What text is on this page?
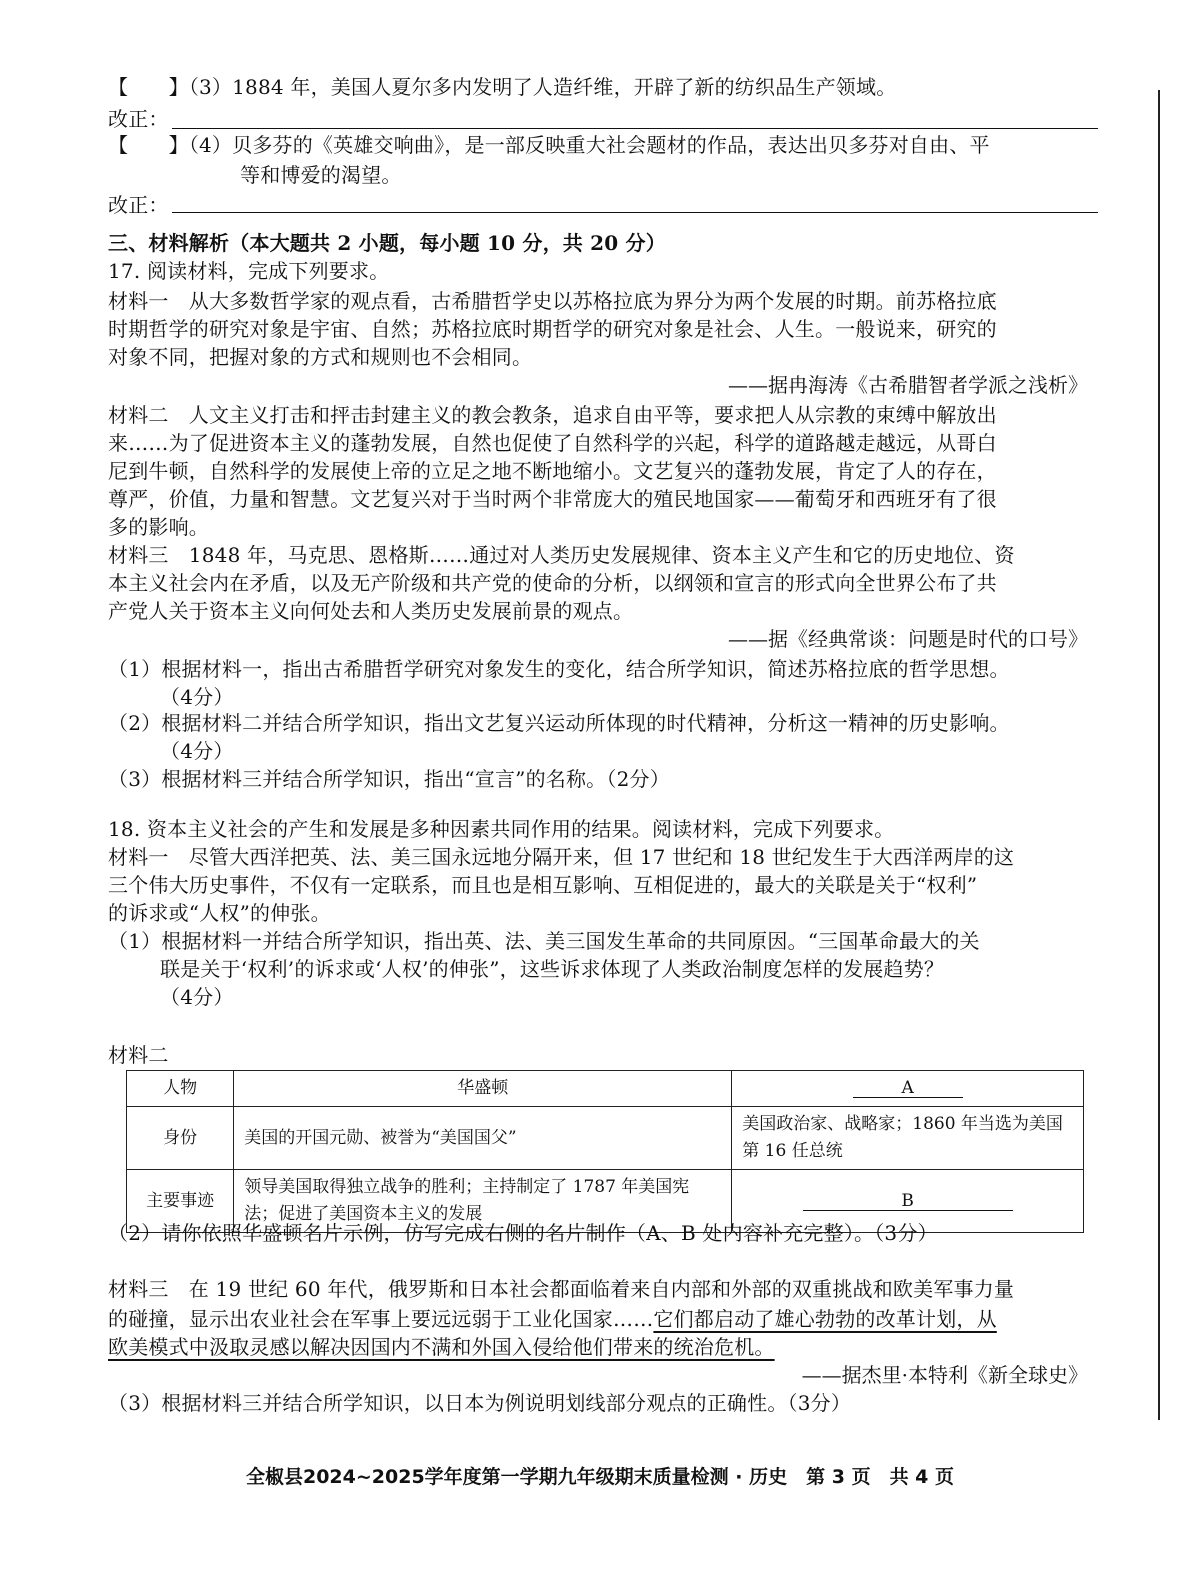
【　　】（3）1884 年，美国人夏尔多内发明了人造纤维，开辟了新的纺织品生产领域。
改正：
【　　】（4）贝多芬的《英雄交响曲》，是一部反映重大社会题材的作品，表达出贝多芬对自由、平
等和博爱的渴望。
改正：
三、材料解析（本大题共 2 小题，每小题 10 分，共 20 分）
17. 阅读材料，完成下列要求。
材料一　从大多数哲学家的观点看，古希腊哲学史以苏格拉底为界分为两个发展的时期。前苏格拉底
时期哲学的研究对象是宇宙、自然；苏格拉底时期哲学的研究对象是社会、人生。一般说来，研究的
对象不同，把握对象的方式和规则也不会相同。
——据冉海涛《古希腊智者学派之浅析》
材料二　人文主义打击和抨击封建主义的教会教条，追求自由平等，要求把人从宗教的束缚中解放出
来……为了促进资本主义的蓬勃发展，自然也促使了自然科学的兴起，科学的道路越走越远，从哥白
尼到牛顿，自然科学的发展使上帝的立足之地不断地缩小。文艺复兴的蓬勃发展，肯定了人的存在，
尊严，价值，力量和智慧。文艺复兴对于当时两个非常庞大的殖民地国家——葡萄牙和西班牙有了很
多的影响。
材料三　1848 年，马克思、恩格斯……通过对人类历史发展规律、资本主义产生和它的历史地位、资
本主义社会内在矛盾，以及无产阶级和共产党的使命的分析，以纲领和宣言的形式向全世界公布了共
产党人关于资本主义向何处去和人类历史发展前景的观点。
——据《经典常谈：问题是时代的口号》
（1）根据材料一，指出古希腊哲学研究对象发生的变化，结合所学知识，简述苏格拉底的哲学思想。
（4分）
（2）根据材料二并结合所学知识，指出文艺复兴运动所体现的时代精神，分析这一精神的历史影响。
（4分）
（3）根据材料三并结合所学知识，指出“宣言”的名称。（2分）
18. 资本主义社会的产生和发展是多种因素共同作用的结果。阅读材料，完成下列要求。
材料一　尽管大西洋把英、法、美三国永远地分隔开来，但 17 世纪和 18 世纪发生于大西洋两岸的这
三个伟大历史事件，不仅有一定联系，而且也是相互影响、互相促进的，最大的关联是关于“权利”
的诉求或“人权”的伸张。
（1）根据材料一并结合所学知识，指出英、法、美三国发生革命的共同原因。“三国革命最大的关
联是关于‘权利’的诉求或‘人权’的伸张”，这些诉求体现了人类政治制度怎样的发展趋势？
（4分）
材料二
人物	华盛顿	A
身份	美国的开国元勋、被誉为“美国国父”	美国政治家、战略家；1860 年当选为美国第 16 任总统
主要事迹	领导美国取得独立战争的胜利；主持制定了 1787 年美国宪法；促进了美国资本主义的发展	B
（2）请你依照华盛顿名片示例，仿写完成右侧的名片制作（A、B 处内容补充完整）。（3分）
材料三　在 19 世纪 60 年代，俄罗斯和日本社会都面临着来自内部和外部的双重挑战和欧美军事力量
的碰撞，显示出农业社会在军事上要远远弱于工业化国家……它们都启动了雄心勃勃的改革计划，从
欧美模式中汲取灵感以解决因国内不满和外国入侵给他们带来的统治危机。
——据杰里·本特利《新全球史》
（3）根据材料三并结合所学知识，以日本为例说明划线部分观点的正确性。（3分）
全椒县2024~2025学年度第一学期九年级期末质量检测 · 历史　第 3 页　共 4 页
